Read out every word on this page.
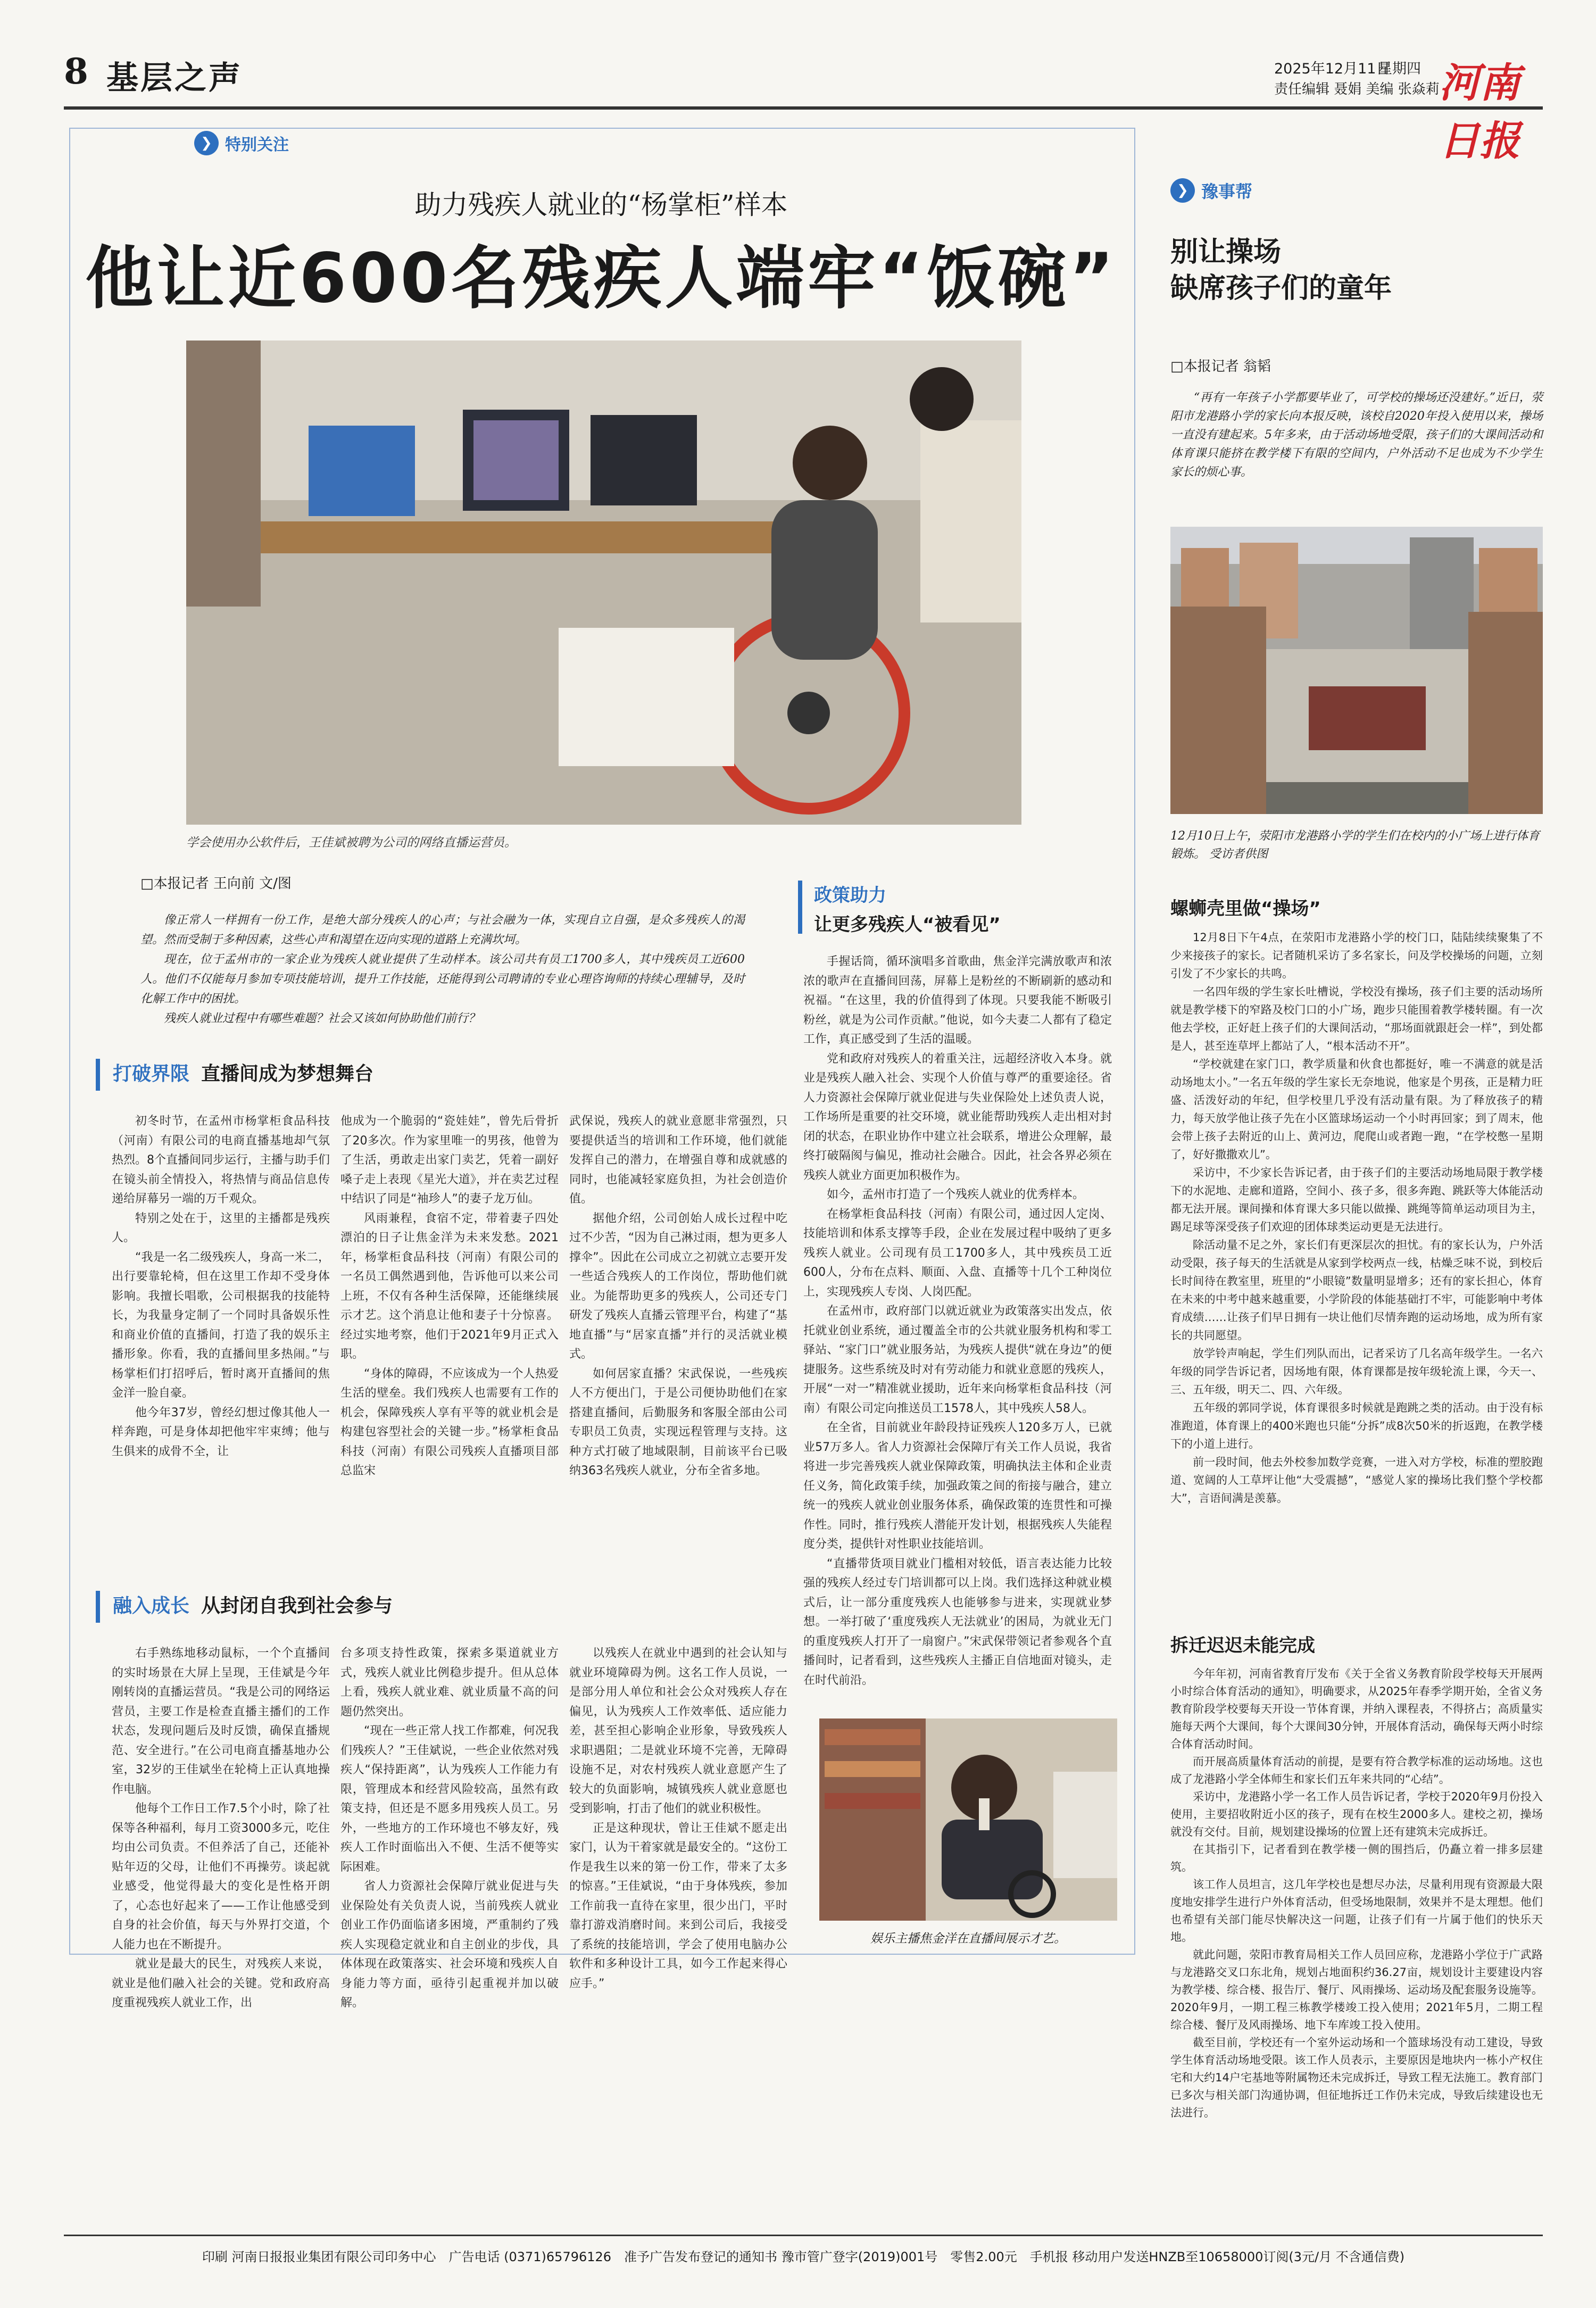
8 基层之声	2025年12月11日
星期四
责任编辑 聂娟 美编 张焱莉 河南日报
❯ 特别关注
助力残疾人就业的“杨掌柜”样本
他让近600名残疾人端牢“饭碗”
学会使用办公软件后，王佳斌被聘为公司的网络直播运营员。
□本报记者 王向前 文/图

像正常人一样拥有一份工作，是绝大部分残疾人的心声；与社会融为一体，实现自立自强，是众多残疾人的渴望。然而受制于多种因素，这些心声和渴望在迈向实现的道路上充满坎坷。

现在，位于孟州市的一家企业为残疾人就业提供了生动样本。该公司共有员工1700多人，其中残疾员工近600人。他们不仅能每月参加专项技能培训，提升工作技能，还能得到公司聘请的专业心理咨询师的持续心理辅导，及时化解工作中的困扰。

残疾人就业过程中有哪些难题？社会又该如何协助他们前行？

打破界限 直播间成为梦想舞台

初冬时节，在孟州市杨掌柜食品科技（河南）有限公司的电商直播基地却气氛热烈。8个直播间同步运行，主播与助手们在镜头前全情投入，将热情与商品信息传递给屏幕另一端的万千观众。

特别之处在于，这里的主播都是残疾人。

“我是一名二级残疾人，身高一米二，出行要靠轮椅，但在这里工作却不受身体影响。我擅长唱歌，公司根据我的技能特长，为我量身定制了一个同时具备娱乐性和商业价值的直播间，打造了我的娱乐主播形象。你看，我的直播间里多热闹。”与杨掌柜们打招呼后，暂时离开直播间的焦金洋一脸自豪。

他今年37岁，曾经幻想过像其他人一样奔跑，可是身体却把他牢牢束缚；他与生俱来的成骨不全，让

他成为一个脆弱的“瓷娃娃”，曾先后骨折了20多次。作为家里唯一的男孩，他曾为了生活，勇敢走出家门卖艺，凭着一副好嗓子走上表现《星光大道》，并在卖艺过程中结识了同是“袖珍人”的妻子龙万仙。

风雨兼程，食宿不定，带着妻子四处漂泊的日子让焦金洋为未来发愁。2021年，杨掌柜食品科技（河南）有限公司的一名员工偶然遇到他，告诉他可以来公司上班，不仅有各种生活保障，还能继续展示才艺。这个消息让他和妻子十分惊喜。经过实地考察，他们于2021年9月正式入职。

“身体的障碍，不应该成为一个人热爱生活的壁垒。我们残疾人也需要有工作的机会，保障残疾人享有平等的就业机会是构建包容型社会的关键一步。”杨掌柜食品科技（河南）有限公司残疾人直播项目部总监宋

武保说，残疾人的就业意愿非常强烈，只要提供适当的培训和工作环境，他们就能发挥自己的潜力，在增强自尊和成就感的同时，也能减轻家庭负担，为社会创造价值。

据他介绍，公司创始人成长过程中吃过不少苦，“因为自己淋过雨，想为更多人撑伞”。因此在公司成立之初就立志要开发一些适合残疾人的工作岗位，帮助他们就业。为能帮助更多的残疾人，公司还专门研发了残疾人直播云管理平台，构建了“基地直播”与“居家直播”并行的灵活就业模式。

如何居家直播？宋武保说，一些残疾人不方便出门，于是公司便协助他们在家搭建直播间，后勤服务和客服全部由公司专职员工负责，实现远程管理与支持。这种方式打破了地域限制，目前该平台已吸纳363名残疾人就业，分布全省多地。

融入成长 从封闭自我到社会参与

右手熟练地移动鼠标，一个个直播间的实时场景在大屏上呈现，王佳斌是今年刚转岗的直播运营员。“我是公司的网络运营员，主要工作是检查直播主播们的工作状态，发现问题后及时反馈，确保直播规范、安全进行。”在公司电商直播基地办公室，32岁的王佳斌坐在轮椅上正认真地操作电脑。

他每个工作日工作7.5个小时，除了社保等各种福利，每月工资3000多元，吃住均由公司负责。不但养活了自己，还能补贴年迈的父母，让他们不再操劳。谈起就业感受，他觉得最大的变化是性格开朗了，心态也好起来了——工作让他感受到自身的社会价值，每天与外界打交道，个人能力也在不断提升。

就业是最大的民生，对残疾人来说，就业是他们融入社会的关键。党和政府高度重视残疾人就业工作，出

台多项支持性政策，探索多渠道就业方式，残疾人就业比例稳步提升。但从总体上看，残疾人就业难、就业质量不高的问题仍然突出。

“现在一些正常人找工作都难，何况我们残疾人？”王佳斌说，一些企业依然对残疾人“保持距离”，认为残疾人工作能力有限，管理成本和经营风险较高，虽然有政策支持，但还是不愿多用残疾人员工。另外，一些地方的工作环境也不够友好，残疾人工作时面临出入不便、生活不便等实际困难。

省人力资源社会保障厅就业促进与失业保险处有关负责人说，当前残疾人就业创业工作仍面临诸多困境，严重制约了残疾人实现稳定就业和自主创业的步伐，具体体现在政策落实、社会环境和残疾人自身能力等方面，亟待引起重视并加以破解。

以残疾人在就业中遇到的社会认知与就业环境障碍为例。这名工作人员说，一是部分用人单位和社会公众对残疾人存在偏见，认为残疾人工作效率低、适应能力差，甚至担心影响企业形象，导致残疾人求职遇阻；二是就业环境不完善，无障碍设施不足，对农村残疾人就业意愿产生了较大的负面影响，城镇残疾人就业意愿也受到影响，打击了他们的就业积极性。

正是这种现状，曾让王佳斌不愿走出家门，认为干着家就是最安全的。“这份工作是我生以来的第一份工作，带来了太多的惊喜。”王佳斌说，“由于身体残疾，参加工作前我一直待在家里，很少出门，平时靠打游戏消磨时间。来到公司后，我接受了系统的技能培训，学会了使用电脑办公软件和多种设计工具，如今工作起来得心应手。”

政策助力
让更多残疾人“被看见”

手握话筒，循环演唱多首歌曲，焦金洋完满放歌声和浓浓的歌声在直播间回荡，屏幕上是粉丝的不断刷新的感动和祝福。“在这里，我的价值得到了体现。只要我能不断吸引粉丝，就是为公司作贡献。”他说，如今夫妻二人都有了稳定工作，真正感受到了生活的温暖。

党和政府对残疾人的着重关注，远超经济收入本身。就业是残疾人融入社会、实现个人价值与尊严的重要途径。省人力资源社会保障厅就业促进与失业保险处上述负责人说，工作场所是重要的社交环境，就业能帮助残疾人走出相对封闭的状态，在职业协作中建立社会联系，增进公众理解，最终打破隔阂与偏见，推动社会融合。因此，社会各界必须在残疾人就业方面更加积极作为。

如今，孟州市打造了一个残疾人就业的优秀样本。

在杨掌柜食品科技（河南）有限公司，通过因人定岗、技能培训和体系支撑等手段，企业在发展过程中吸纳了更多残疾人就业。公司现有员工1700多人，其中残疾员工近600人，分布在点料、顺面、入盘、直播等十几个工种岗位上，实现残疾人专岗、人岗匹配。

在孟州市，政府部门以就近就业为政策落实出发点，依托就业创业系统，通过覆盖全市的公共就业服务机构和零工驿站、“家门口”就业服务站，为残疾人提供“就在身边”的便捷服务。这些系统及时对有劳动能力和就业意愿的残疾人，开展“一对一”精准就业援助，近年来向杨掌柜食品科技（河南）有限公司定向推送员工1578人，其中残疾人58人。

在全省，目前就业年龄段持证残疾人120多万人，已就业57万多人。省人力资源社会保障厅有关工作人员说，我省将进一步完善残疾人就业保障政策，明确执法主体和企业责任义务，简化政策手续，加强政策之间的衔接与融合，建立统一的残疾人就业创业服务体系，确保政策的连贯性和可操作性。同时，推行残疾人潜能开发计划，根据残疾人失能程度分类，提供针对性职业技能培训。

“直播带货项目就业门槛相对较低，语言表达能力比较强的残疾人经过专门培训都可以上岗。我们选择这种就业模式后，让一部分重度残疾人也能够参与进来，实现就业梦想。一举打破了‘重度残疾人无法就业’的困局，为就业无门的重度残疾人打开了一扇窗户。”宋武保带领记者参观各个直播间时，记者看到，这些残疾人主播正自信地面对镜头，走在时代前沿。

娱乐主播焦金洋在直播间展示才艺。
❯ 豫事帮
别让操场
缺席孩子们的童年
□本报记者 翁韬
“再有一年孩子小学都要毕业了，可学校的操场还没建好。”近日，荥阳市龙港路小学的家长向本报反映，该校自2020年投入使用以来，操场一直没有建起来。5年多来，由于活动场地受限，孩子们的大课间活动和体育课只能挤在教学楼下有限的空间内，户外活动不足也成为不少学生家长的烦心事。
12月10日上午，荥阳市龙港路小学的学生们在校内的小广场上进行体育锻炼。 受访者供图
螺蛳壳里做“操场”

12月8日下午4点，在荥阳市龙港路小学的校门口，陆陆续续聚集了不少来接孩子的家长。记者随机采访了多名家长，问及学校操场的问题，立刻引发了不少家长的共鸣。

一名四年级的学生家长吐槽说，学校没有操场，孩子们主要的活动场所就是教学楼下的窄路及校门口的小广场，跑步只能围着教学楼转圈。有一次他去学校，正好赶上孩子们的大课间活动，“那场面就跟赶会一样”，到处都是人，甚至连草坪上都站了人，“根本活动不开”。

“学校就建在家门口，教学质量和伙食也都挺好，唯一不满意的就是活动场地太小。”一名五年级的学生家长无奈地说，他家是个男孩，正是精力旺盛、活泼好动的年纪，但学校里几乎没有活动量有限。为了释放孩子的精力，每天放学他让孩子先在小区篮球场运动一个小时再回家；到了周末，他会带上孩子去附近的山上、黄河边，爬爬山或者跑一跑，“在学校憋一星期了，好好撒撒欢儿”。

采访中，不少家长告诉记者，由于孩子们的主要活动场地局限于教学楼下的水泥地、走廊和道路，空间小、孩子多，很多奔跑、跳跃等大体能活动都无法开展。课间操和体育课大多只能以做操、跳绳等简单运动项目为主，踢足球等深受孩子们欢迎的团体球类运动更是无法进行。

除活动量不足之外，家长们有更深层次的担忧。有的家长认为，户外活动受限，孩子每天的生活就是从家到学校两点一线，枯燥乏味不说，到校后长时间待在教室里，班里的“小眼镜”数量明显增多；还有的家长担心，体育在未来的中考中越来越重要，小学阶段的体能基础打不牢，可能影响中考体育成绩……让孩子们早日拥有一块让他们尽情奔跑的运动场地，成为所有家长的共同愿望。

放学铃声响起，学生们列队而出，记者采访了几名高年级学生。一名六年级的同学告诉记者，因场地有限，体育课都是按年级轮流上课，今天一、三、五年级，明天二、四、六年级。

五年级的郭同学说，体育课很多时候就是跑跳之类的活动。由于没有标准跑道，体育课上的400米跑也只能“分拆”成8次50米的折返跑，在教学楼下的小道上进行。

前一段时间，他去外校参加数学竞赛，一进入对方学校，标准的塑胶跑道、宽阔的人工草坪让他“大受震撼”，“感觉人家的操场比我们整个学校都大”，言语间满是羡慕。

拆迁迟迟未能完成

今年年初，河南省教育厅发布《关于全省义务教育阶段学校每天开展两小时综合体育活动的通知》，明确要求，从2025年春季学期开始，全省义务教育阶段学校要每天开设一节体育课，并纳入课程表，不得挤占；高质量实施每天两个大课间，每个大课间30分钟，开展体育活动，确保每天两小时综合体育活动时间。

而开展高质量体育活动的前提，是要有符合教学标准的运动场地。这也成了龙港路小学全体师生和家长们五年来共同的“心结”。

采访中，龙港路小学一名工作人员告诉记者，学校于2020年9月份投入使用，主要招收附近小区的孩子，现有在校生2000多人。建校之初，操场就没有交付。目前，规划建设操场的位置上还有建筑未完成拆迁。

在其指引下，记者看到在教学楼一侧的围挡后，仍矗立着一排多层建筑。

该工作人员坦言，这几年学校也是想尽办法，尽量利用现有资源最大限度地安排学生进行户外体育活动，但受场地限制，效果并不是太理想。他们也希望有关部门能尽快解决这一问题，让孩子们有一片属于他们的快乐天地。

就此问题，荥阳市教育局相关工作人员回应称，龙港路小学位于广武路与龙港路交叉口东北角，规划占地面积约36.27亩，规划设计主要建设内容为教学楼、综合楼、报告厅、餐厅、风雨操场、运动场及配套服务设施等。2020年9月，一期工程三栋教学楼竣工投入使用；2021年5月，二期工程综合楼、餐厅及风雨操场、地下车库竣工投入使用。

截至目前，学校还有一个室外运动场和一个篮球场没有动工建设，导致学生体育活动场地受限。该工作人员表示，主要原因是地块内一栋小产权住宅和大约14户宅基地等附属物还未完成拆迁，导致工程无法施工。教育部门已多次与相关部门沟通协调，但征地拆迁工作仍未完成，导致后续建设也无法进行。

印刷 河南日报报业集团有限公司印务中心　广告电话 (0371)65796126　准予广告发布登记的通知书 豫市管广登字(2019)001号　零售2.00元　手机报 移动用户发送HNZB至10658000订阅(3元/月 不含通信费)
